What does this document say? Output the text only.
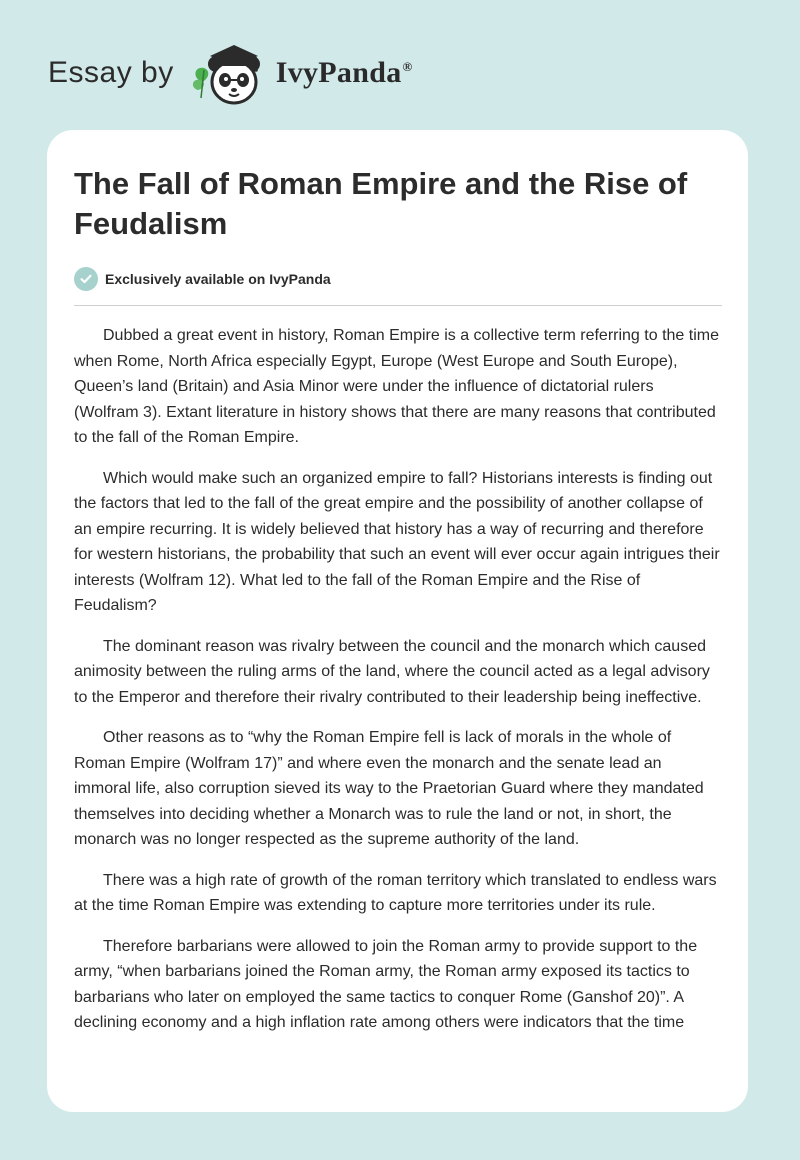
Essay by	IvyPanda®
The Fall of Roman Empire and the Rise of Feudalism
Exclusively available on IvyPanda

Dubbed a great event in history, Roman Empire is a collective term referring to the time when Rome, North Africa especially Egypt, Europe (West Europe and South Europe), Queen’s land (Britain) and Asia Minor were under the influence of dictatorial rulers (Wolfram 3). Extant literature in history shows that there are many reasons that contributed to the fall of the Roman Empire.

Which would make such an organized empire to fall? Historians interests is finding out the factors that led to the fall of the great empire and the possibility of another collapse of an empire recurring. It is widely believed that history has a way of recurring and therefore for western historians, the probability that such an event will ever occur again intrigues their interests (Wolfram 12). What led to the fall of the Roman Empire and the Rise of Feudalism?

The dominant reason was rivalry between the council and the monarch which caused animosity between the ruling arms of the land, where the council acted as a legal advisory to the Emperor and therefore their rivalry contributed to their leadership being ineffective.

Other reasons as to “why the Roman Empire fell is lack of morals in the whole of Roman Empire (Wolfram 17)” and where even the monarch and the senate lead an immoral life, also corruption sieved its way to the Praetorian Guard where they mandated themselves into deciding whether a Monarch was to rule the land or not, in short, the monarch was no longer respected as the supreme authority of the land.

There was a high rate of growth of the roman territory which translated to endless wars at the time Roman Empire was extending to capture more territories under its rule.

Therefore barbarians were allowed to join the Roman army to provide support to the army, “when barbarians joined the Roman army, the Roman army exposed its tactics to barbarians who later on employed the same tactics to conquer Rome (Ganshof 20)”. A declining economy and a high inflation rate among others were indicators that the time
